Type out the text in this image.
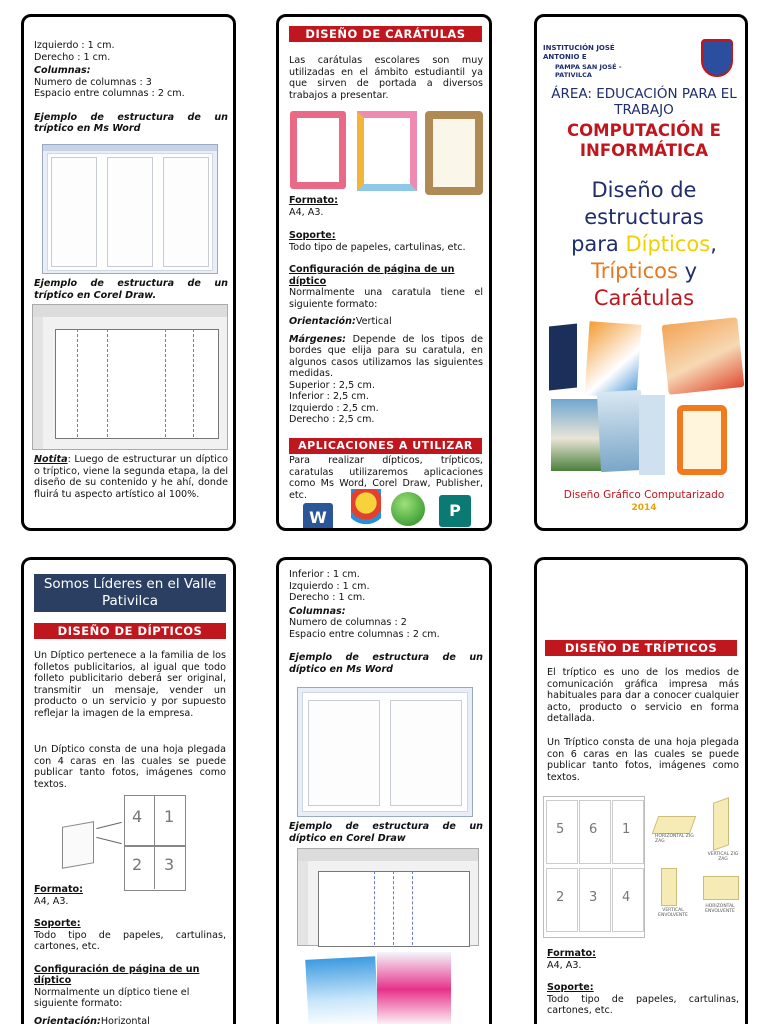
Izquierdo : 1 cm.
Derecho : 1 cm.
Columnas:
Numero de columnas : 3
Espacio entre columnas : 2 cm.
Ejemplo de estructura de un tríptico en Ms Word
Ejemplo de estructura de un tríptico en Corel Draw.
Notita: Luego de estructurar un díptico o tríptico, viene la segunda etapa, la del diseño de su contenido y he ahí, donde fluirá tu aspecto artístico al 100%.
DISEÑO DE CARÁTULAS
Las carátulas escolares son muy utilizadas en el ámbito estudiantil ya que sirven de portada a diversos trabajos a presentar.
Formato:
A4, A3.
Soporte:
Todo tipo de papeles, cartulinas, etc.
Configuración de página de un díptico
Normalmente una caratula tiene el siguiente formato:
Orientación:Vertical
Márgenes: Depende de los tipos de bordes que elija para su caratula, en algunos casos utilizamos las siguientes medidas.
Superior : 2,5 cm.
Inferior : 2,5 cm.
Izquierdo : 2,5 cm.
Derecho : 2,5 cm.
APLICACIONES A UTILIZAR
Para realizar dípticos, trípticos, caratulas utilizaremos aplicaciones como Ms Word, Corel Draw, Publisher, etc.
W	P
INSTITUCIÓN JOSÉ ANTONIO E
PAMPA SAN JOSÉ - PATIVILCA
ÁREA: EDUCACIÓN PARA EL TRABAJO
COMPUTACIÓN E INFORMÁTICA
Diseño de
estructuras
para Dípticos,
Trípticos y
Carátulas
Diseño Gráfico Computarizado
2014
Somos Líderes en el Valle Pativilca
DISEÑO DE DÍPTICOS
Un Díptico pertenece a la familia de los folletos publicitarios, al igual que todo folleto publicitario deberá ser original, transmitir un mensaje, vender un producto o un servicio y por supuesto reflejar la imagen de la empresa.
Un Díptico consta de una hoja plegada con 4 caras en las cuales se puede publicar tanto fotos, imágenes como textos.
4 1
2 3
Formato:
A4, A3.
Soporte:
Todo tipo de papeles, cartulinas, cartones, etc.
Configuración de página de un díptico
Normalmente un díptico tiene el siguiente formato:
Orientación:Horizontal
Inferior : 1 cm.
Izquierdo : 1 cm.
Derecho : 1 cm.
Columnas:
Numero de columnas : 2
Espacio entre columnas : 2 cm.
Ejemplo de estructura de un díptico en Ms Word
Ejemplo de estructura de un díptico en Corel Draw
DISEÑO DE TRÍPTICOS
El tríptico es uno de los medios de comunicación gráfica impresa más habituales para dar a conocer cualquier acto, producto o servicio en forma detallada.
Un Tríptico consta de una hoja plegada con 6 caras en las cuales se puede publicar tanto fotos, imágenes como textos.
5 6 1
2 3 4
HORIZONTAL ZIG ZAG
VERTICAL ZIG ZAG
VERTICAL ENVOLVENTE
HORIZONTAL ENVOLVENTE
Formato:
A4, A3.
Soporte:
Todo tipo de papeles, cartulinas, cartones, etc.
